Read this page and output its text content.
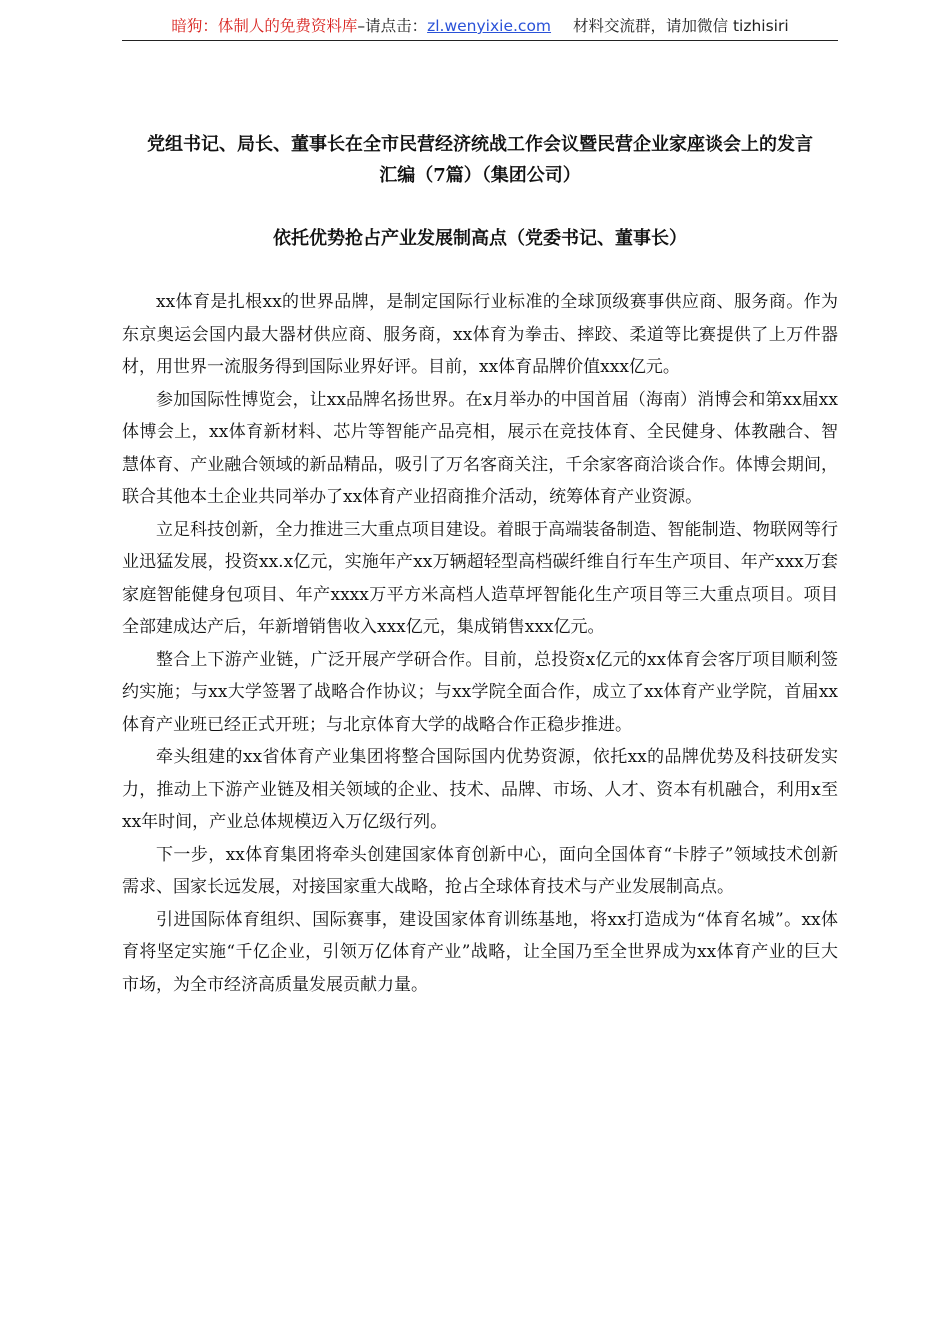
暗狗：体制人的免费资料库–请点击：zl.wenyixie.com 材料交流群，请加微信 tizhisiri
党组书记、局长、董事长在全市民营经济统战工作会议暨民营企业家座谈会上的发言
汇编（7篇）（集团公司）
依托优势抢占产业发展制高点（党委书记、董事长）

xx体育是扎根xx的世界品牌，是制定国际行业标准的全球顶级赛事供应商、服务商。作为东京奥运会国内最大器材供应商、服务商，xx体育为拳击、摔跤、柔道等比赛提供了上万件器材，用世界一流服务得到国际业界好评。目前，xx体育品牌价值xxx亿元。

参加国际性博览会，让xx品牌名扬世界。在x月举办的中国首届（海南）消博会和第xx届xx体博会上，xx体育新材料、芯片等智能产品亮相，展示在竞技体育、全民健身、体教融合、智慧体育、产业融合领域的新品精品，吸引了万名客商关注，千余家客商洽谈合作。体博会期间，联合其他本土企业共同举办了xx体育产业招商推介活动，统筹体育产业资源。

立足科技创新，全力推进三大重点项目建设。着眼于高端装备制造、智能制造、物联网等行业迅猛发展，投资xx.x亿元，实施年产xx万辆超轻型高档碳纤维自行车生产项目、年产xxx万套家庭智能健身包项目、年产xxxx万平方米高档人造草坪智能化生产项目等三大重点项目。项目全部建成达产后，年新增销售收入xxx亿元，集成销售xxx亿元。

整合上下游产业链，广泛开展产学研合作。目前，总投资x亿元的xx体育会客厅项目顺利签约实施；与xx大学签署了战略合作协议；与xx学院全面合作，成立了xx体育产业学院，首届xx体育产业班已经正式开班；与北京体育大学的战略合作正稳步推进。

牵头组建的xx省体育产业集团将整合国际国内优势资源，依托xx的品牌优势及科技研发实力，推动上下游产业链及相关领域的企业、技术、品牌、市场、人才、资本有机融合，利用x至xx年时间，产业总体规模迈入万亿级行列。

下一步，xx体育集团将牵头创建国家体育创新中心，面向全国体育“卡脖子”领域技术创新需求、国家长远发展，对接国家重大战略，抢占全球体育技术与产业发展制高点。

引进国际体育组织、国际赛事，建设国家体育训练基地，将xx打造成为“体育名城”。xx体育将坚定实施“千亿企业，引领万亿体育产业”战略，让全国乃至全世界成为xx体育产业的巨大市场，为全市经济高质量发展贡献力量。
